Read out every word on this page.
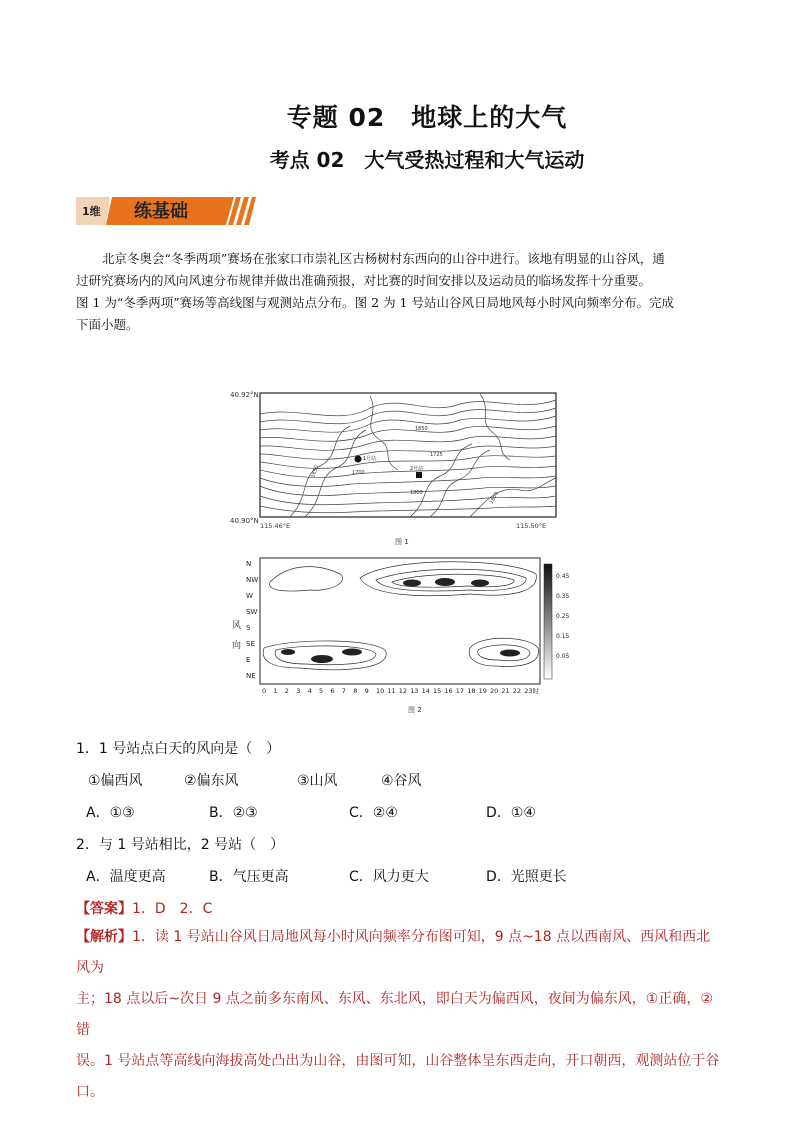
专题 02　地球上的大气
考点 02　大气受热过程和大气运动
1维 练基础
北京冬奥会“冬季两项”赛场在张家口市崇礼区古杨树村东西向的山谷中进行。该地有明显的山谷风，通
过研究赛场内的风向风速分布规律并做出准确预报，对比赛的时间安排以及运动员的临场发挥十分重要。
图 1 为“冬季两项”赛场等高线图与观测站点分布。图 2 为 1 号站山谷风日局地风每小时风向频率分布。完成
下面小题。
40.92°N
40.90°N
1850
1725
1700
1800
1650
1650
1号站
2号站
115.46°E	115.50°E
图 1
N
NW
W
SW
S
SE
E
NE
0 1 2 3 4 5 6 7 8 9 10 11 12 13 14 15 16 17 18 19 20 21 22 23时
风
向
0.45
0.35
0.25
0.15
0.05
图 2
1．1 号站点白天的风向是（　）
①偏西风	②偏东风	③山风	④谷风
A．①③	B．②③	C．②④	D．①④
2．与 1 号站相比，2 号站（　）
A．温度更高	B．气压更高	C．风力更大	D．光照更长
【答案】1．D　2．C
【解析】1．读 1 号站山谷风日局地风每小时风向频率分布图可知，9 点~18 点以西南风、西风和西北风为
主；18 点以后~次日 9 点之前多东南风、东风、东北风，即白天为偏西风，夜间为偏东风，①正确，②错
误。1 号站点等高线向海拔高处凸出为山谷，由图可知，山谷整体呈东西走向，开口朝西，观测站位于谷口。
